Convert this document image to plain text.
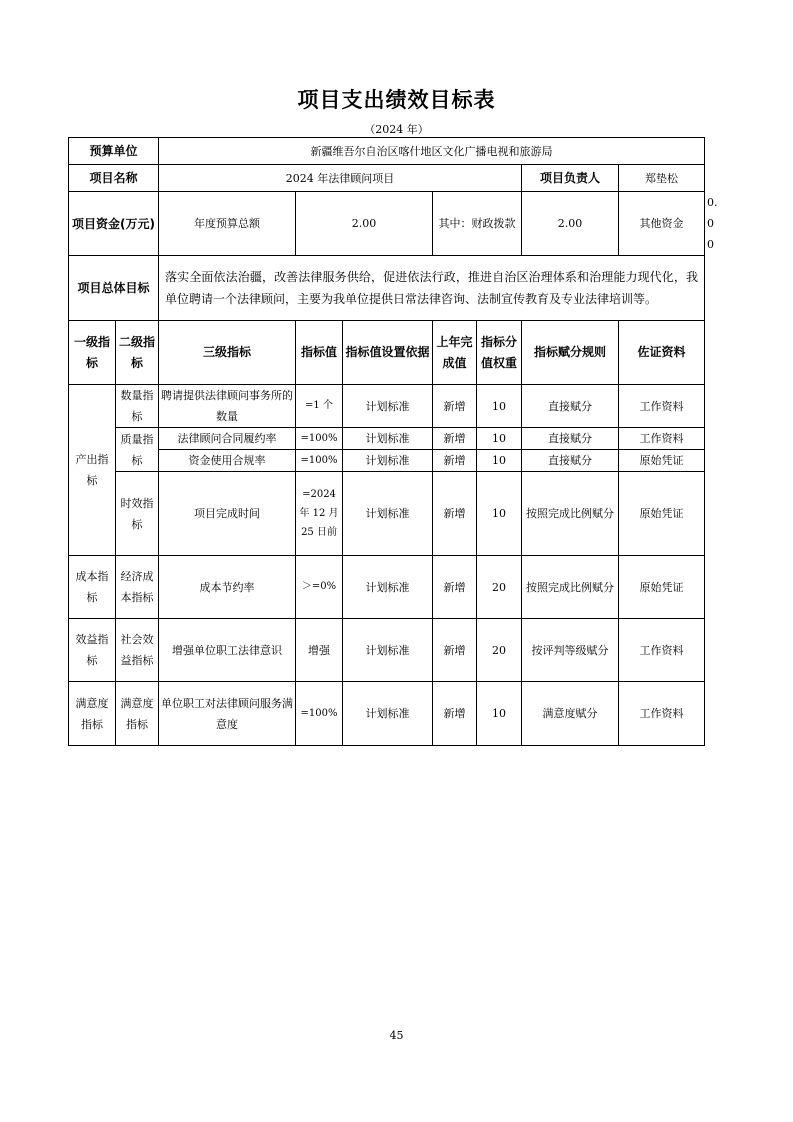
项目支出绩效目标表
（2024 年）
预算单位		新疆维吾尔自治区喀什地区文化广播电视和旅游局							
项目名称		2024 年法律顾问项目					项目负责人	郑垫松	
项目资金(万元)		年度预算总额	2.00		其中：财政拨款		2.00	其他资金	0.00
项目总体目标		落实全面依法治疆，改善法律服务供给，促进依法行政，推进自治区治理体系和治理能力现代化，我单位聘请一个法律顾问，主要为我单位提供日常法律咨询、法制宣传教育及专业法律培训等。							
一级指标	二级指标	三级指标	指标值	指标值设置依据	上年完成值	指标分值权重	指标赋分规则	佐证资料	
产出指标	数量指标	聘请提供法律顾问事务所的数量	=1 个	计划标准	新增	10	直接赋分	工作资料	
	质量指标	法律顾问合同履约率	=100%	计划标准	新增	10	直接赋分	工作资料	
		资金使用合规率	=100%	计划标准	新增	10	直接赋分	原始凭证	
	时效指标	项目完成时间	=2024 年 12 月 25 日前	计划标准	新增	10	按照完成比例赋分	原始凭证	
成本指标	经济成本指标	成本节约率	＞=0%	计划标准	新增	20	按照完成比例赋分	原始凭证	
效益指标	社会效益指标	增强单位职工法律意识	增强	计划标准	新增	20	按评判等级赋分	工作资料	
满意度指标	满意度指标	单位职工对法律顾问服务满意度	=100%	计划标准	新增	10	满意度赋分	工作资料	
45
